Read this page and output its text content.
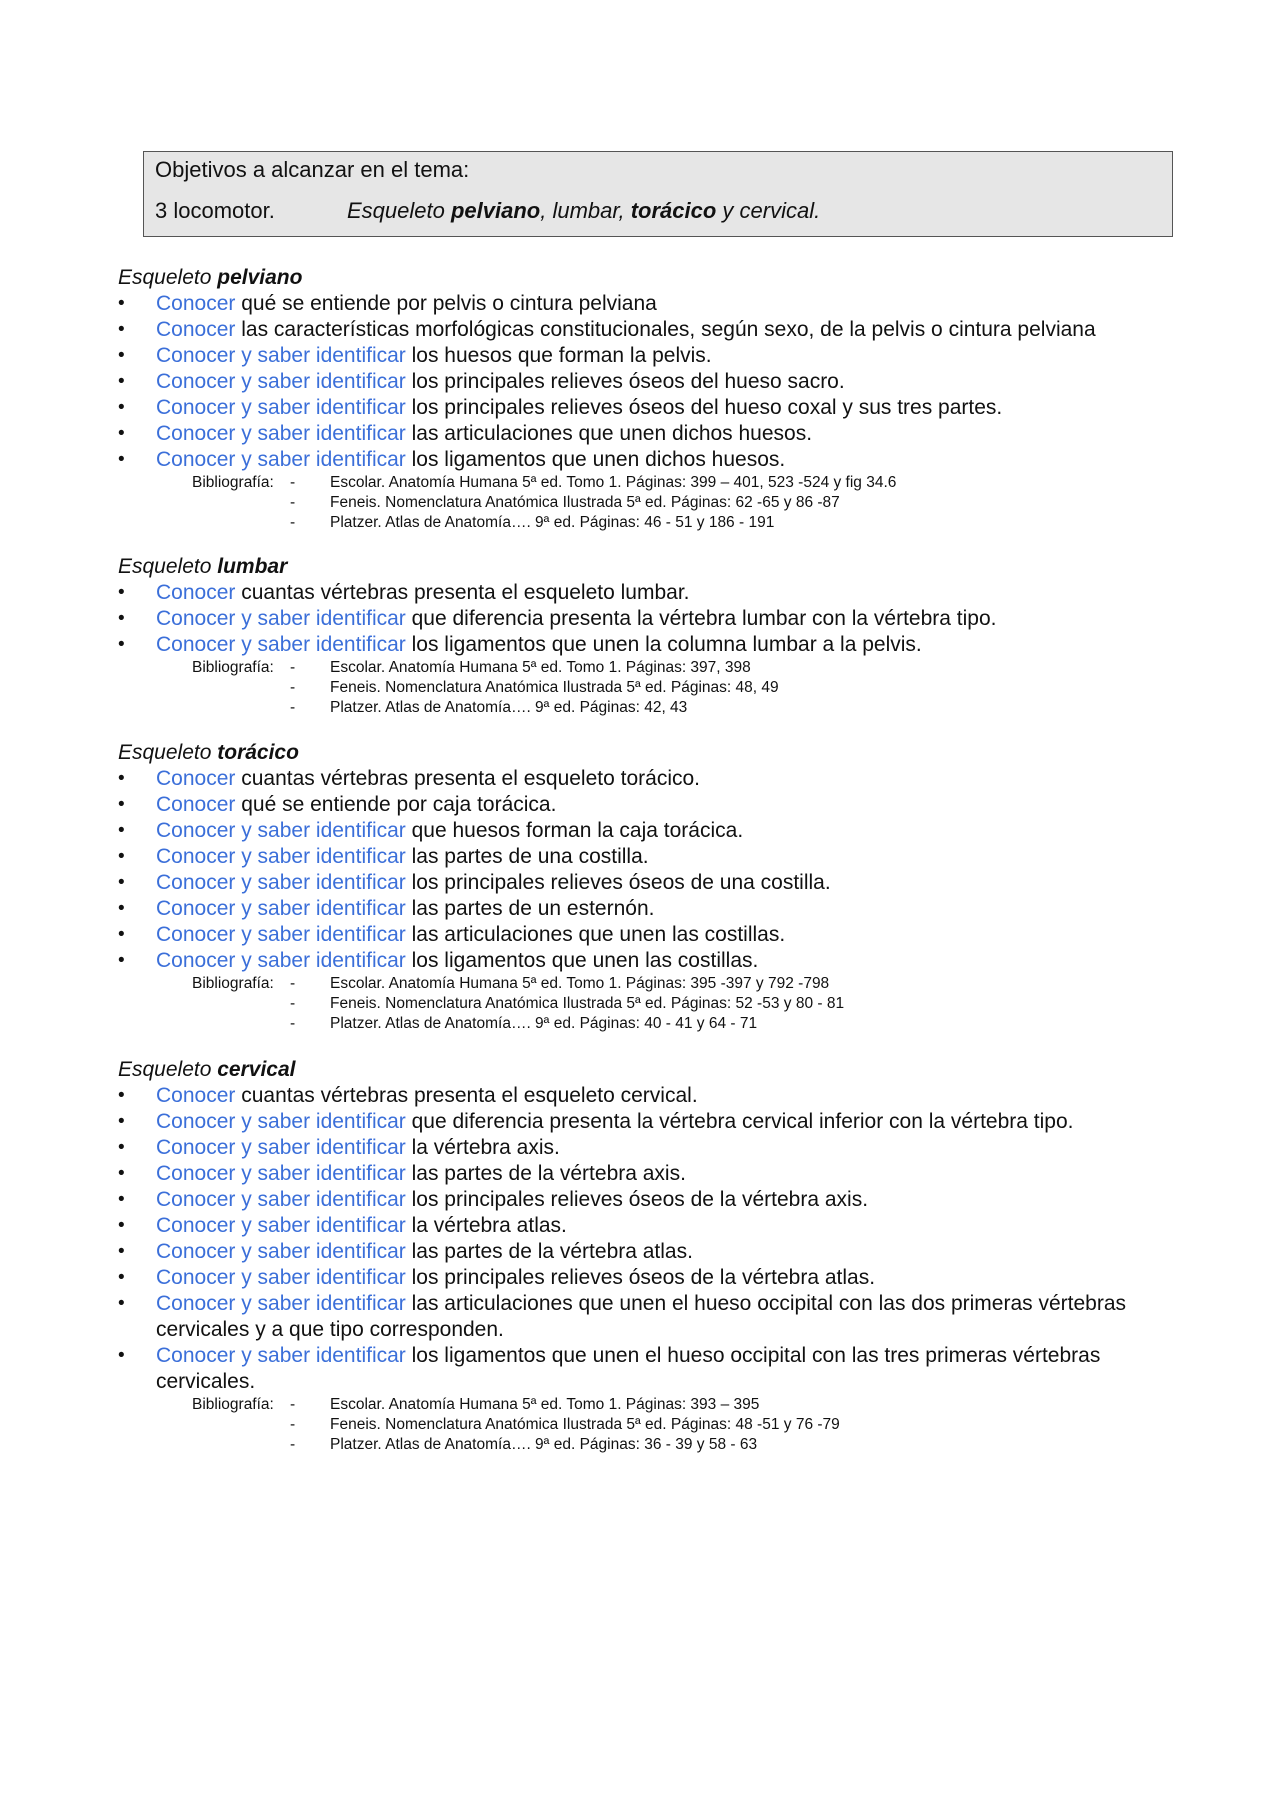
Objetivos a alcanzar en el tema:
3 locomotor.	Esqueleto pelviano, lumbar, torácico y cervical.
Esqueleto pelviano
•	Conocer qué se entiende por pelvis o cintura pelviana
•	Conocer las características morfológicas constitucionales, según sexo, de la pelvis o cintura pelviana
•	Conocer y saber identificar los huesos que forman la pelvis.
•	Conocer y saber identificar los principales relieves óseos del hueso sacro.
•	Conocer y saber identificar los principales relieves óseos del hueso coxal y sus tres partes.
•	Conocer y saber identificar las articulaciones que unen dichos huesos.
•	Conocer y saber identificar los ligamentos que unen dichos huesos.
Bibliografía: - Escolar. Anatomía Humana 5ª ed. Tomo 1. Páginas: 399 – 401, 523 -524 y fig 34.6
- Feneis. Nomenclatura Anatómica Ilustrada 5ª ed. Páginas: 62 -65 y 86 -87
- Platzer. Atlas de Anatomía…. 9ª ed. Páginas: 46 - 51 y 186 - 191
Esqueleto lumbar
•	Conocer cuantas vértebras presenta el esqueleto lumbar.
•	Conocer y saber identificar que diferencia presenta la vértebra lumbar con la vértebra tipo.
•	Conocer y saber identificar los ligamentos que unen la columna lumbar a la pelvis.
Bibliografía: - Escolar. Anatomía Humana 5ª ed. Tomo 1. Páginas: 397, 398
- Feneis. Nomenclatura Anatómica Ilustrada 5ª ed. Páginas: 48, 49
- Platzer. Atlas de Anatomía…. 9ª ed. Páginas: 42, 43
Esqueleto torácico
•	Conocer cuantas vértebras presenta el esqueleto torácico.
•	Conocer qué se entiende por caja torácica.
•	Conocer y saber identificar que huesos forman la caja torácica.
•	Conocer y saber identificar las partes de una costilla.
•	Conocer y saber identificar los principales relieves óseos de una costilla.
•	Conocer y saber identificar las partes de un esternón.
•	Conocer y saber identificar las articulaciones que unen las costillas.
•	Conocer y saber identificar los ligamentos que unen las costillas.
Bibliografía: - Escolar. Anatomía Humana 5ª ed. Tomo 1. Páginas: 395 -397 y 792 -798
- Feneis. Nomenclatura Anatómica Ilustrada 5ª ed. Páginas: 52 -53 y 80 - 81
- Platzer. Atlas de Anatomía…. 9ª ed. Páginas: 40 - 41 y 64 - 71
Esqueleto cervical
•	Conocer cuantas vértebras presenta el esqueleto cervical.
•	Conocer y saber identificar que diferencia presenta la vértebra cervical inferior con la vértebra tipo.
•	Conocer y saber identificar la vértebra axis.
•	Conocer y saber identificar las partes de la vértebra axis.
•	Conocer y saber identificar los principales relieves óseos de la vértebra axis.
•	Conocer y saber identificar la vértebra atlas.
•	Conocer y saber identificar las partes de la vértebra atlas.
•	Conocer y saber identificar los principales relieves óseos de la vértebra atlas.
•	Conocer y saber identificar las articulaciones que unen el hueso occipital con las dos primeras vértebras cervicales y a que tipo corresponden.
•	Conocer y saber identificar los ligamentos que unen el hueso occipital con las tres primeras vértebras cervicales.
Bibliografía: - Escolar. Anatomía Humana 5ª ed. Tomo 1. Páginas: 393 – 395
- Feneis. Nomenclatura Anatómica Ilustrada 5ª ed. Páginas: 48 -51 y 76 -79
- Platzer. Atlas de Anatomía…. 9ª ed. Páginas: 36 - 39 y 58 - 63
